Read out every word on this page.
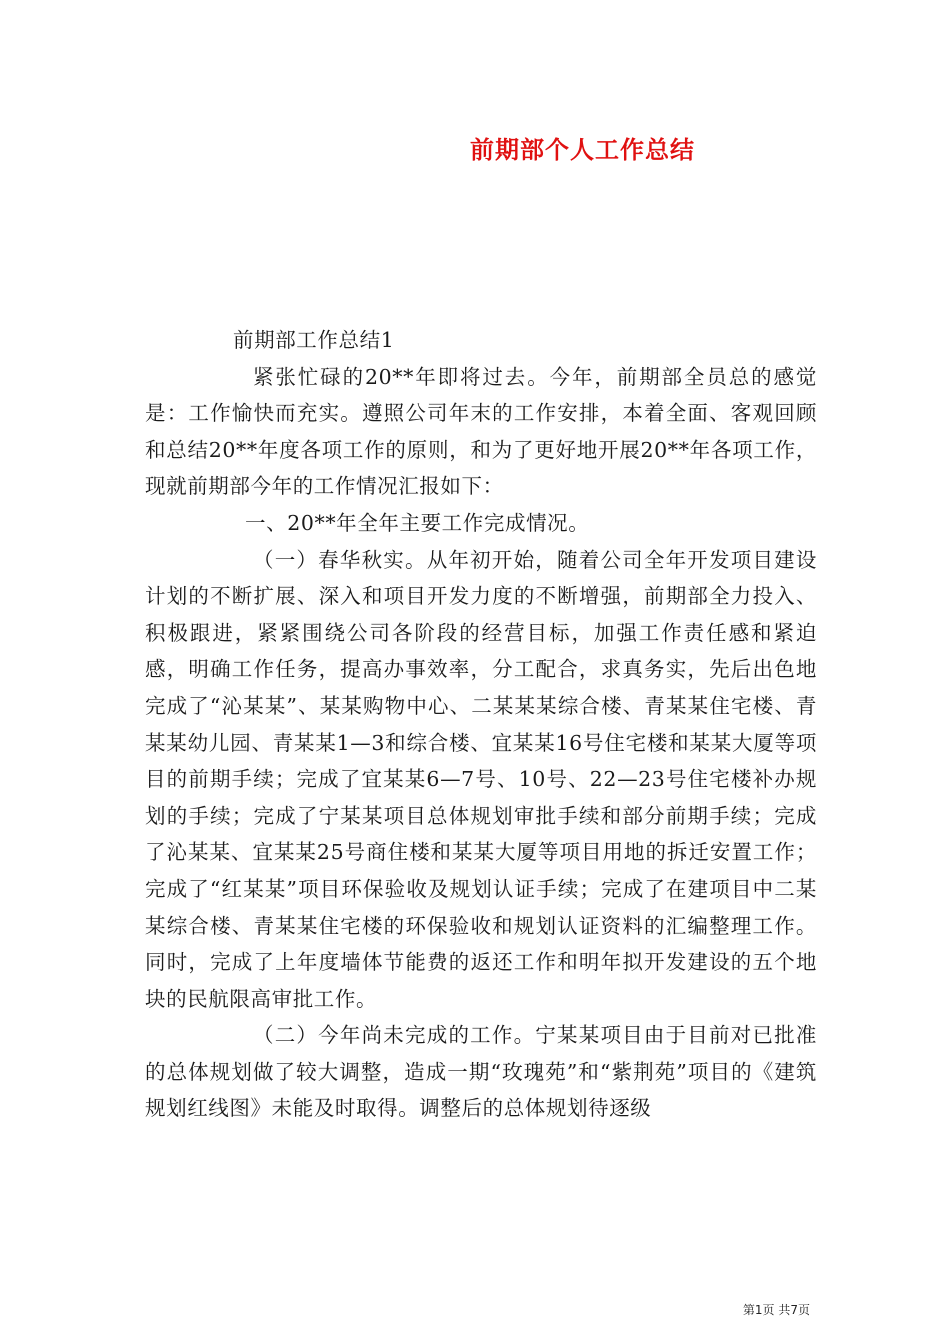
前期部个人工作总结

前期部工作总结1

紧张忙碌的20**年即将过去。今年，前期部全员总的感觉是：工作愉快而充实。遵照公司年末的工作安排，本着全面、客观回顾和总结20**年度各项工作的原则，和为了更好地开展20**年各项工作，现就前期部今年的工作情况汇报如下：

一、20**年全年主要工作完成情况。

（一）春华秋实。从年初开始，随着公司全年开发项目建设计划的不断扩展、深入和项目开发力度的不断增强，前期部全力投入、积极跟进，紧紧围绕公司各阶段的经营目标，加强工作责任感和紧迫感，明确工作任务，提高办事效率，分工配合，求真务实，先后出色地完成了“沁某某”、某某购物中心、二某某某综合楼、青某某住宅楼、青某某幼儿园、青某某1—3和综合楼、宜某某16号住宅楼和某某大厦等项目的前期手续；完成了宜某某6—7号、10号、22—23号住宅楼补办规划的手续；完成了宁某某项目总体规划审批手续和部分前期手续；完成了沁某某、宜某某25号商住楼和某某大厦等项目用地的拆迁安置工作；完成了“红某某”项目环保验收及规划认证手续；完成了在建项目中二某某综合楼、青某某住宅楼的环保验收和规划认证资料的汇编整理工作。同时，完成了上年度墙体节能费的返还工作和明年拟开发建设的五个地块的民航限高审批工作。

（二）今年尚未完成的工作。宁某某项目由于目前对已批准的总体规划做了较大调整，造成一期“玫瑰苑”和“紫荆苑”项目的《建筑规划红线图》未能及时取得。调整后的总体规划待逐级

第1页 共7页
